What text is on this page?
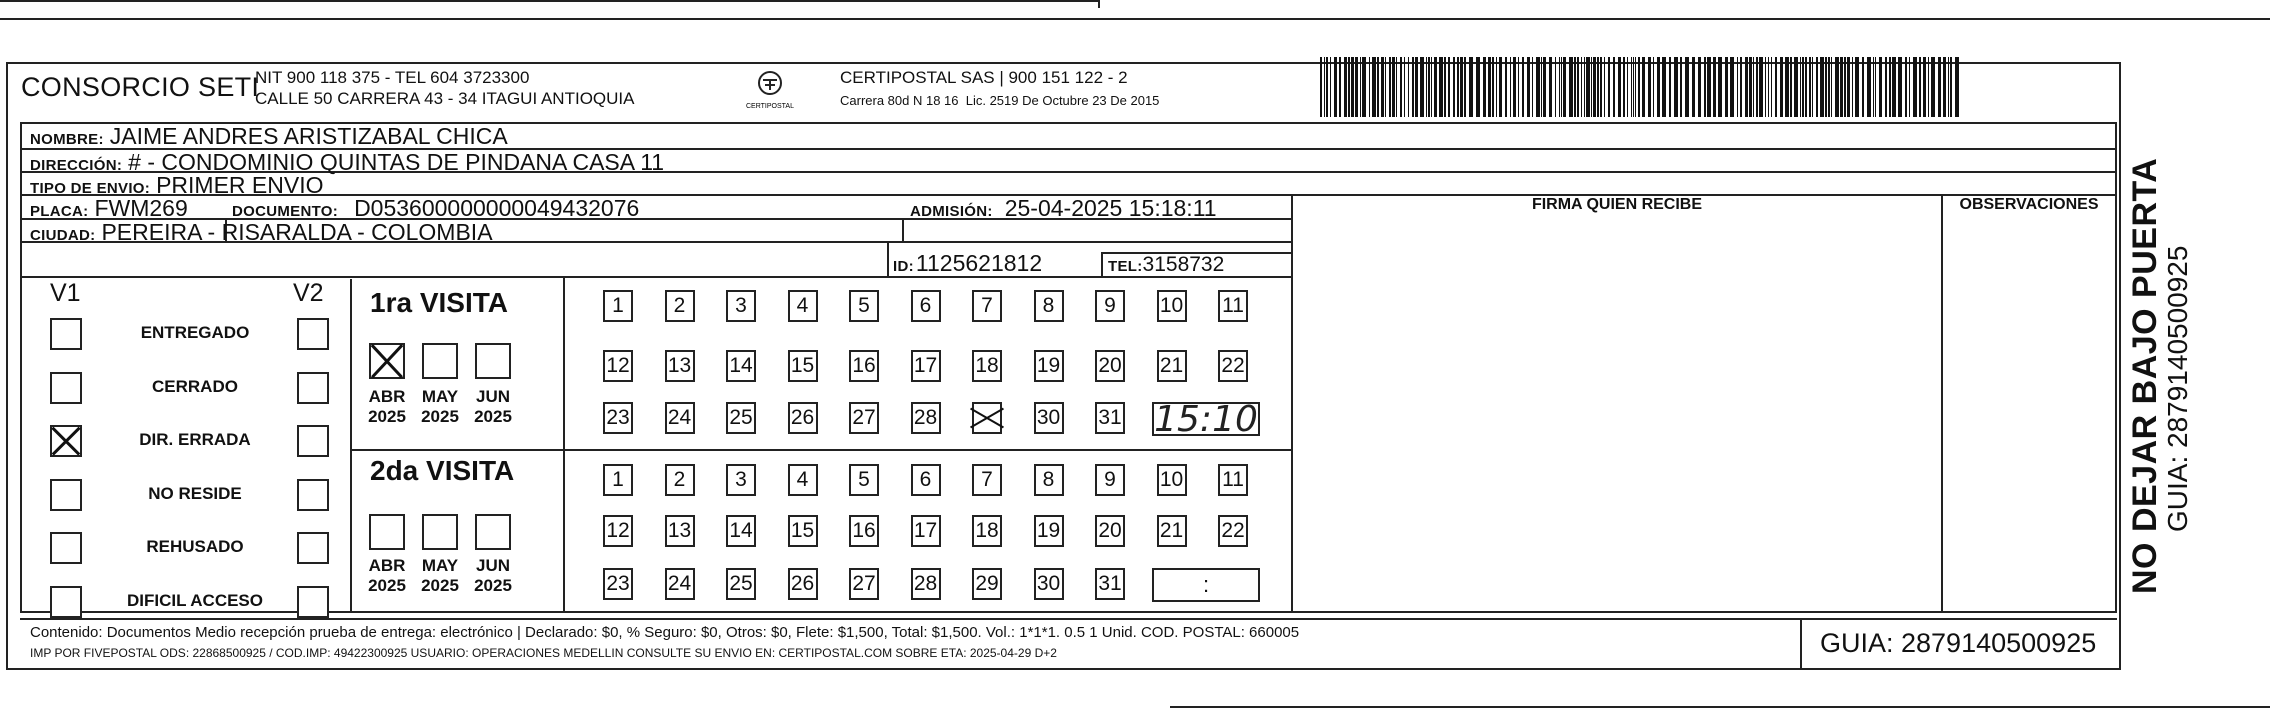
CONSORCIO SETI
NIT 900 118 375 - TEL 604 3723300
CALLE 50 CARRERA 43 - 34 ITAGUI ANTIOQUIA	CERTIPOSTAL
CERTIPOSTAL SAS | 900 151 122 - 2
Carrera 80d N 18 16  Lic. 2519 De Octubre 23 De 2015
NOMBRE: JAIME ANDRES ARISTIZABAL CHICA
DIRECCIÓN: # - CONDOMINIO QUINTAS DE PINDANA CASA 11
TIPO DE ENVIO: PRIMER ENVIO
PLACA: FWM269	DOCUMENTO: D053600000000049432076	ADMISIÓN: 25-04-2025 15:18:11
CIUDAD: PEREIRA - RISARALDA - COLOMBIA
ID: 1125621812	TEL: 3158732
FIRMA QUIEN RECIBE	OBSERVACIONES
V1	V2
ENTREGADO
CERRADO
DIR. ERRADA
NO RESIDE
REHUSADO
DIFICIL ACCESO
1ra VISITA
ABR
2025
MAY
2025
JUN
2025
1	2	3	4	5	6	7	8	9	10 11
12 13 14 15 16 17 18 19 20 21 22
23 24 25 26 27 28	30 31 15:10
2da VISITA
ABR
2025
MAY
2025
JUN
2025
1	2	3	4	5	6	7	8	9	10 11
12 13 14 15 16 17 18 19 20 21 22
23 24 25 26 27 28 29 30 31	:	NO DEJAR BAJO PUERTA
GUIA: 2879140500925
Contenido: Documentos Medio recepción prueba de entrega: electrónico | Declarado: $0, % Seguro: $0, Otros: $0, Flete: $1,500, Total: $1,500. Vol.: 1*1*1. 0.5 1 Unid. COD. POSTAL: 660005
IMP POR FIVEPOSTAL ODS: 22868500925 / COD.IMP: 49422300925 USUARIO: OPERACIONES MEDELLIN CONSULTE SU ENVIO EN: CERTIPOSTAL.COM SOBRE ETA: 2025-04-29 D+2	GUIA: 2879140500925
